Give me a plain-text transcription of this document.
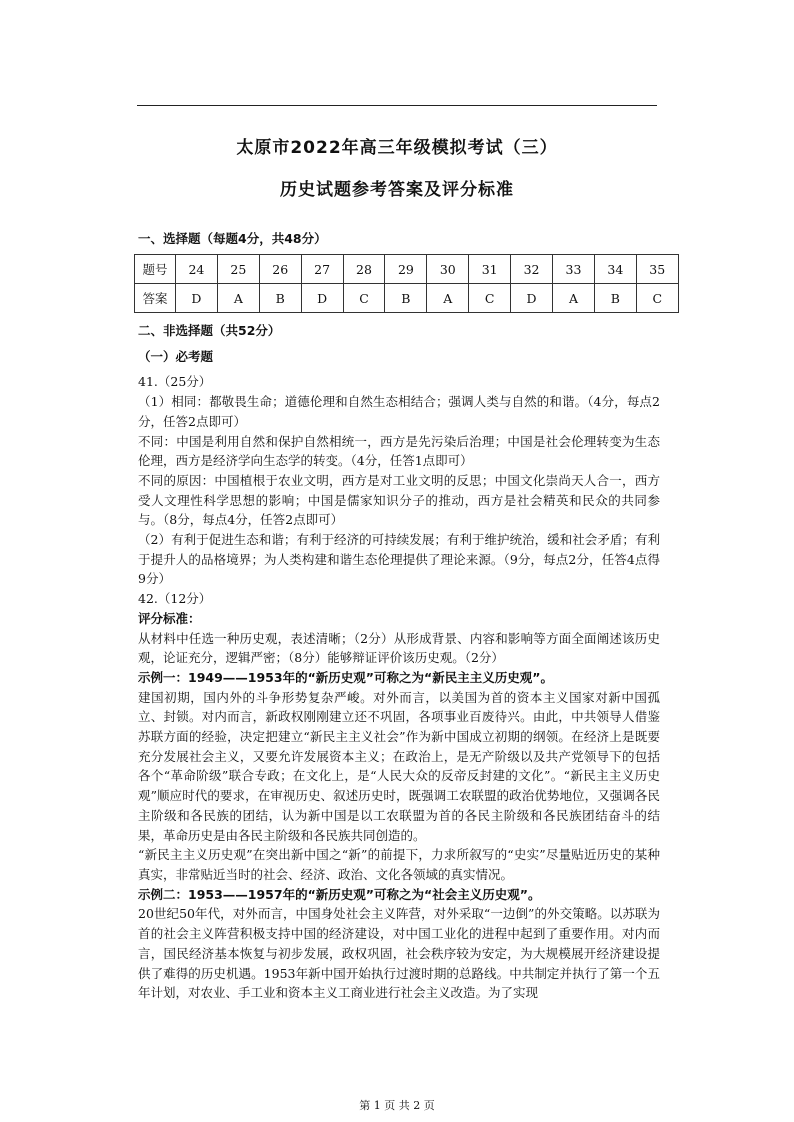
太原市2022年高三年级模拟考试（三）
历史试题参考答案及评分标准
一、选择题（每题4分，共48分）
题号	24	25	26	27	28	29	30	31	32	33	34	35
答案	D	A	B	D	C	B	A	C	D	A	B	C

二、非选择题（共52分）

（一）必考题

41.（25分）

（1）相同：都敬畏生命；道德伦理和自然生态相结合；强调人类与自然的和谐。（4分，每点2分，任答2点即可）

不同：中国是利用自然和保护自然相统一，西方是先污染后治理；中国是社会伦理转变为生态伦理，西方是经济学向生态学的转变。（4分，任答1点即可）

不同的原因：中国植根于农业文明，西方是对工业文明的反思；中国文化崇尚天人合一，西方受人文理性科学思想的影响；中国是儒家知识分子的推动，西方是社会精英和民众的共同参与。（8分，每点4分，任答2点即可）

（2）有利于促进生态和谐；有利于经济的可持续发展；有利于维护统治，缓和社会矛盾；有利于提升人的品格境界；为人类构建和谐生态伦理提供了理论来源。（9分，每点2分，任答4点得9分）

42.（12分）

评分标准：

从材料中任选一种历史观，表述清晰；（2分）从形成背景、内容和影响等方面全面阐述该历史观，论证充分，逻辑严密；（8分）能够辩证评价该历史观。（2分）

示例一：1949——1953年的“新历史观”可称之为“新民主主义历史观”。

建国初期，国内外的斗争形势复杂严峻。对外而言，以美国为首的资本主义国家对新中国孤立、封锁。对内而言，新政权刚刚建立还不巩固，各项事业百废待兴。由此，中共领导人借鉴苏联方面的经验，决定把建立“新民主主义社会”作为新中国成立初期的纲领。在经济上是既要充分发展社会主义，又要允许发展资本主义；在政治上，是无产阶级以及共产党领导下的包括各个“革命阶级”联合专政；在文化上，是“人民大众的反帝反封建的文化”。“新民主主义历史观”顺应时代的要求，在审视历史、叙述历史时，既强调工农联盟的政治优势地位，又强调各民主阶级和各民族的团结，认为新中国是以工农联盟为首的各民主阶级和各民族团结奋斗的结果，革命历史是由各民主阶级和各民族共同创造的。

“新民主主义历史观”在突出新中国之“新”的前提下，力求所叙写的“史实”尽量贴近历史的某种真实，非常贴近当时的社会、经济、政治、文化各领域的真实情况。

示例二：1953——1957年的“新历史观”可称之为“社会主义历史观”。

20世纪50年代，对外而言，中国身处社会主义阵营，对外采取“一边倒”的外交策略。以苏联为首的社会主义阵营积极支持中国的经济建设，对中国工业化的进程中起到了重要作用。对内而言，国民经济基本恢复与初步发展，政权巩固，社会秩序较为安定，为大规模展开经济建设提供了难得的历史机遇。1953年新中国开始执行过渡时期的总路线。中共制定并执行了第一个五年计划，对农业、手工业和资本主义工商业进行社会主义改造。为了实现

第 1 页 共 2 页
